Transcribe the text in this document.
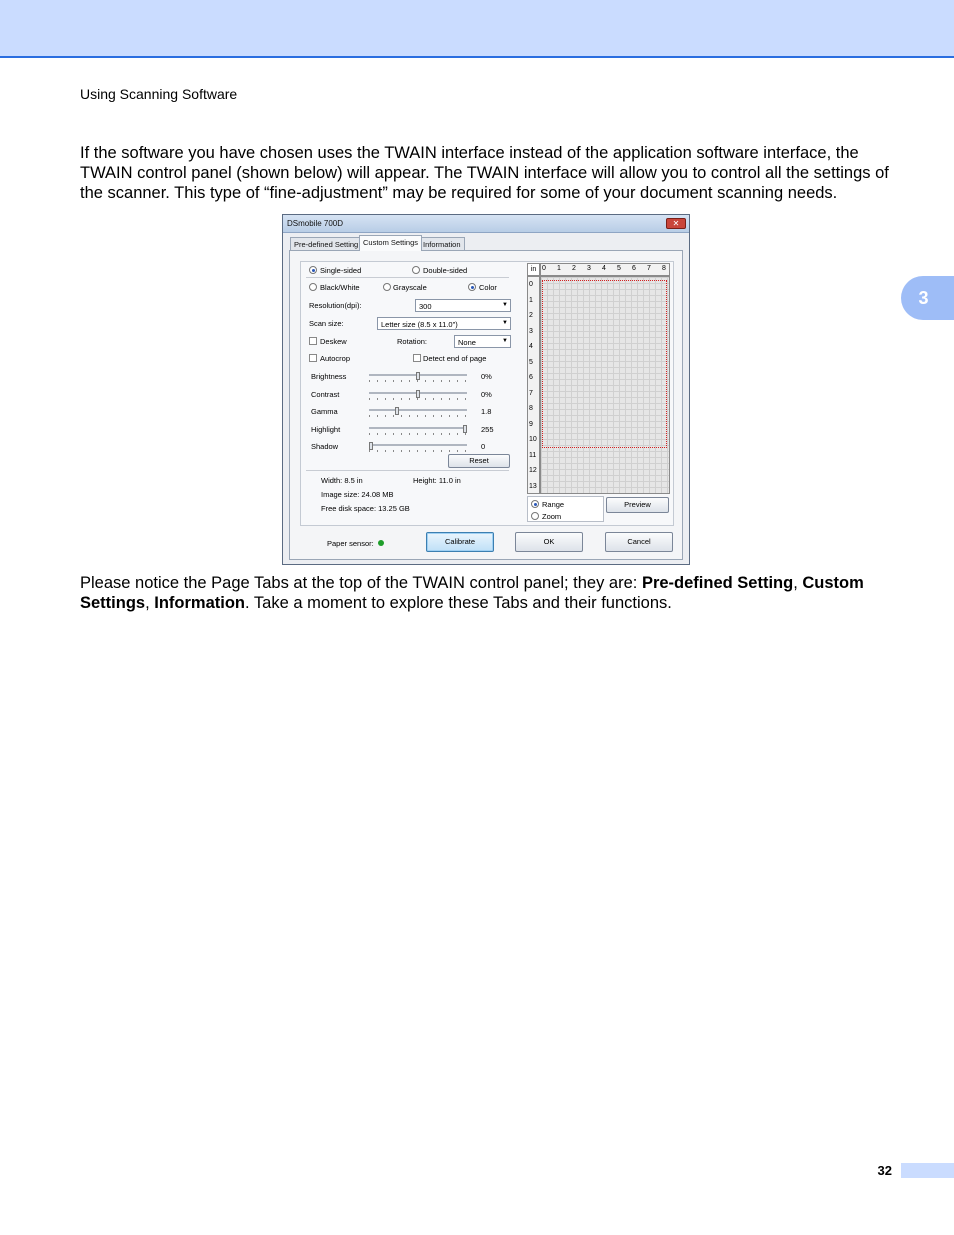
Using Scanning Software

If the software you have chosen uses the TWAIN interface instead of the application software interface, the TWAIN control panel (shown below) will appear. The TWAIN interface will allow you to control all the settings of the scanner. This type of “fine-adjustment” may be required for some of your document scanning needs.

DSmobile 700D	✕
Pre-defined Setting Custom Settings Information
Single-sided	Double-sided
Black/White	Grayscale	Color
Resolution(dpi):	300	▼
Scan size:	Letter size (8.5 x 11.0")	▼
Deskew	Rotation:	None	▼
Autocrop	Detect end of page
Brightness	0%
Contrast	0%
Gamma	1.8
Highlight	255
Shadow	0
Reset
Width: 8.5 in	Height: 11.0 in
Image size: 24.08 MB
Free disk space: 13.25 GB
in 0 1 2 3 4 5 6 7 8
0
1
2
3
4
5
6
7
8
9
10
11
12
13
Range
Zoom
Preview
Paper sensor:	Calibrate	OK	Cancel

Please notice the Page Tabs at the top of the TWAIN control panel; they are: Pre-defined Setting, Custom Settings, Information. Take a moment to explore these Tabs and their functions.

3
32
